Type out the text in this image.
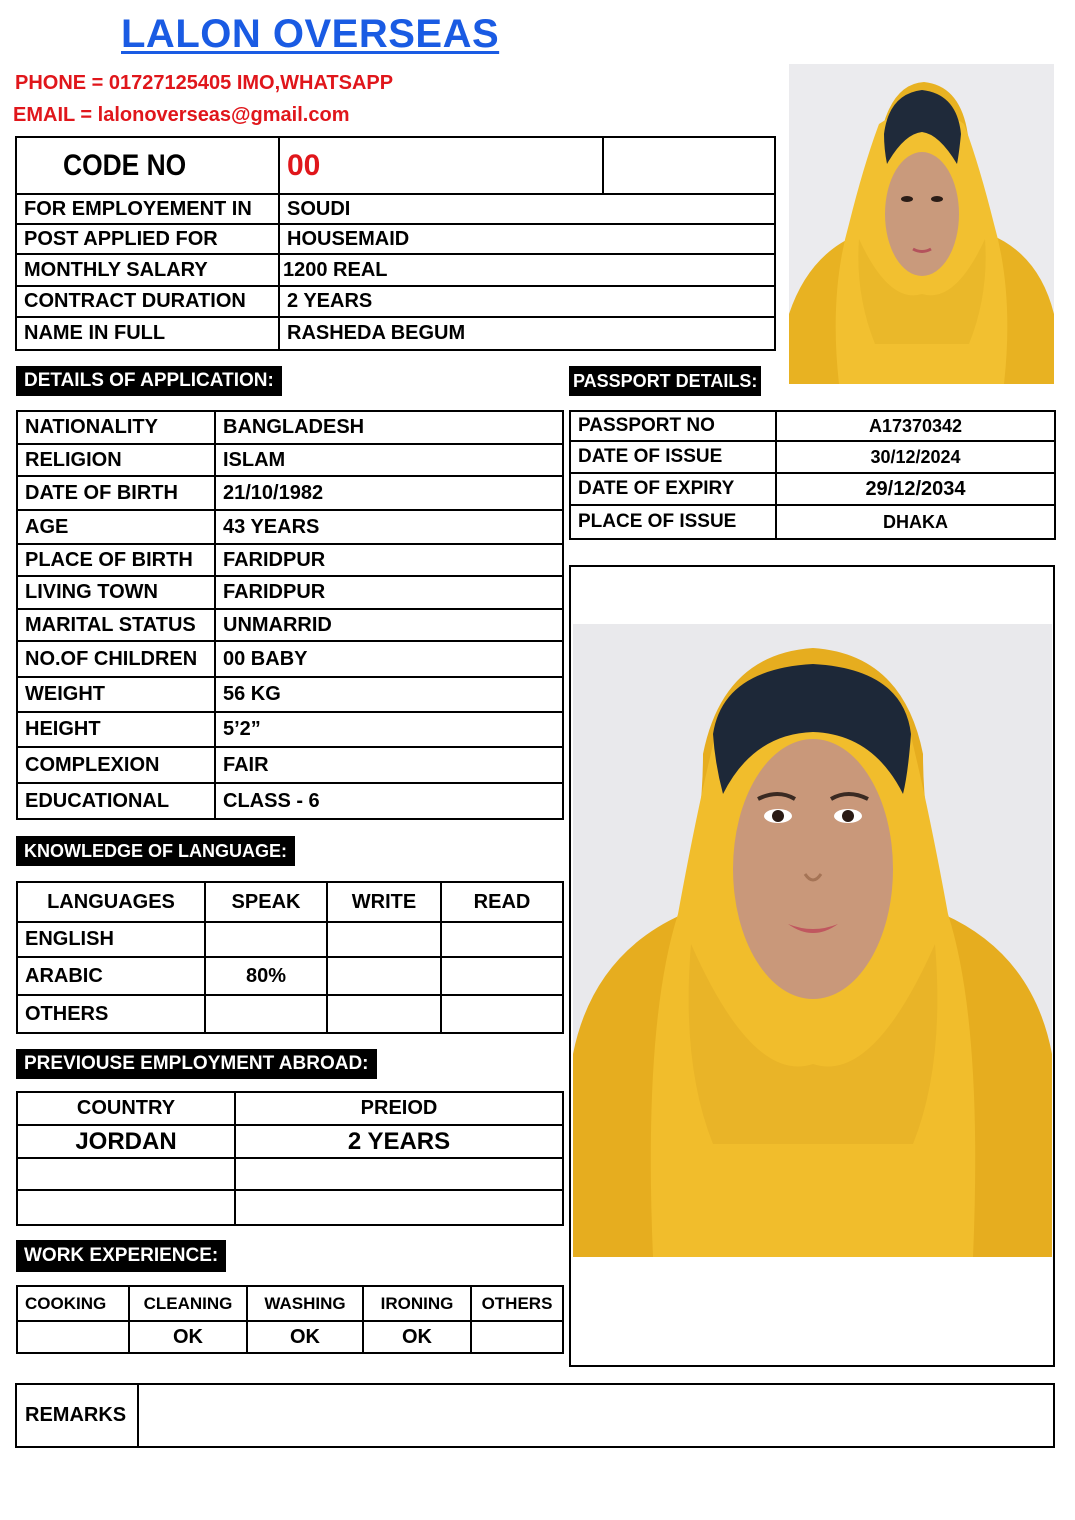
LALON OVERSEAS
PHONE = 01727125405 IMO,WHATSAPP
EMAIL = lalonoverseas@gmail.com
CODE NO	00	
FOR EMPLOYEMENT IN	SOUDI	
POST APPLIED FOR	HOUSEMAID	
MONTHLY SALARY	1200 REAL	
CONTRACT DURATION	2 YEARS	
NAME IN FULL	RASHEDA BEGUM	
DETAILS OF APPLICATION:
NATIONALITY	BANGLADESH
RELIGION	ISLAM
DATE OF BIRTH	21/10/1982
AGE	43 YEARS
PLACE OF BIRTH	FARIDPUR
LIVING TOWN	FARIDPUR
MARITAL STATUS	UNMARRID
NO.OF CHILDREN	00 BABY
WEIGHT	56 KG
HEIGHT	5’2”
COMPLEXION	FAIR
EDUCATIONAL	CLASS - 6
PASSPORT DETAILS:
PASSPORT NO	A17370342
DATE OF ISSUE	30/12/2024
DATE OF EXPIRY	29/12/2034
PLACE OF ISSUE	DHAKA
KNOWLEDGE OF LANGUAGE:
LANGUAGES	SPEAK	WRITE	READ
ENGLISH			
ARABIC	80%		
OTHERS			
PREVIOUSE EMPLOYMENT ABROAD:
COUNTRY	PREIOD
JORDAN	2 YEARS

WORK EXPERIENCE:
COOKING	CLEANING	WASHING	IRONING	OTHERS
	OK	OK	OK	
REMARKS
